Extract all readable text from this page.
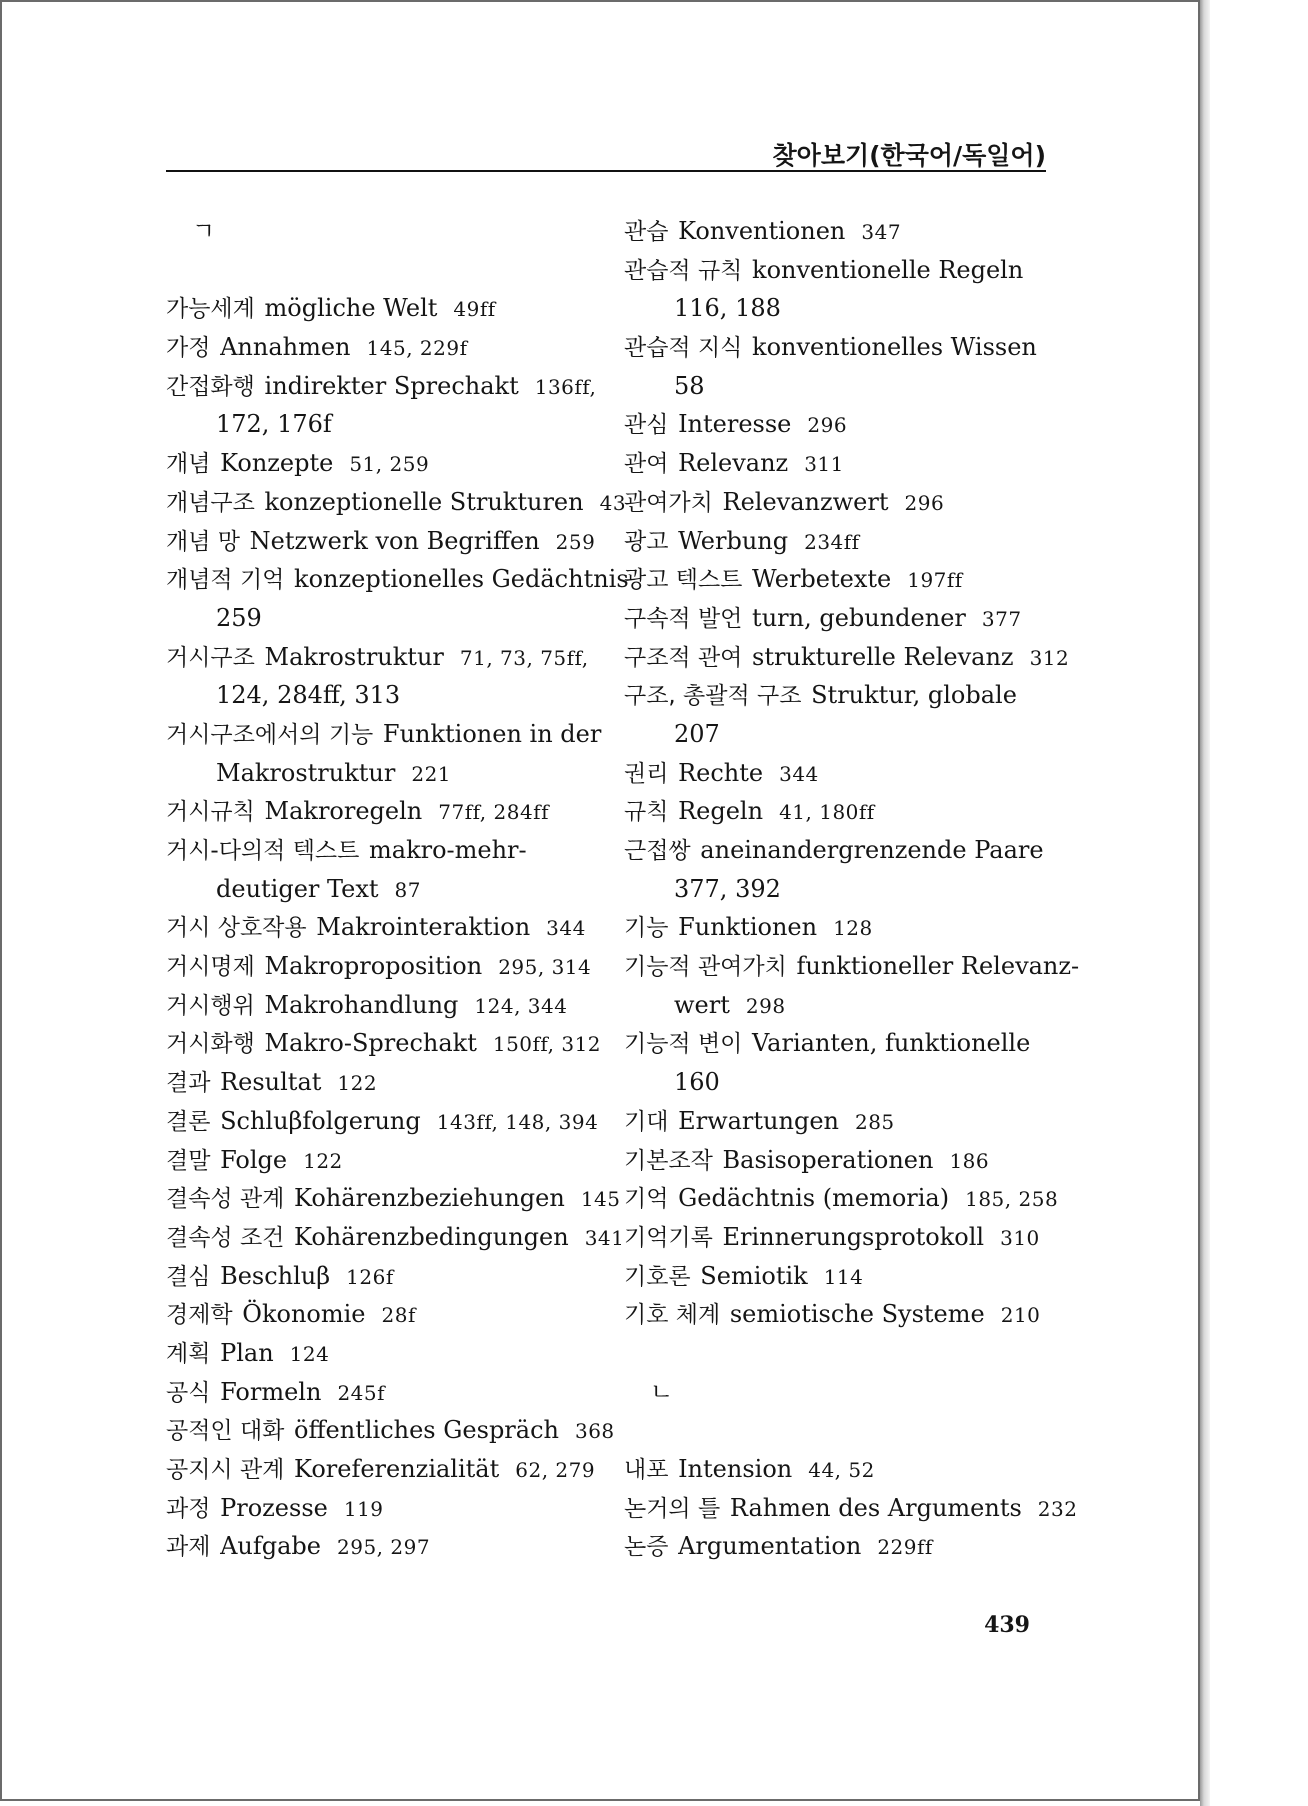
찾아보기(한국어/독일어)
ㄱ
가능세계 mögliche Welt 49ff
가정 Annahmen 145, 229f
간접화행 indirekter Sprechakt 136ff,
172, 176f
개념 Konzepte 51, 259
개념구조 konzeptionelle Strukturen 43
개념 망 Netzwerk von Begriffen 259
개념적 기억 konzeptionelles Gedächtnis
259
거시구조 Makrostruktur 71, 73, 75ff,
124, 284ff, 313
거시구조에서의 기능 Funktionen in der
Makrostruktur 221
거시규칙 Makroregeln 77ff, 284ff
거시-다의적 텍스트 makro-mehr-
deutiger Text 87
거시 상호작용 Makrointeraktion 344
거시명제 Makroproposition 295, 314
거시행위 Makrohandlung 124, 344
거시화행 Makro-Sprechakt 150ff, 312
결과 Resultat 122
결론 Schluβfolgerung 143ff, 148, 394
결말 Folge 122
결속성 관계 Kohärenzbeziehungen 145
결속성 조건 Kohärenzbedingungen 341
결심 Beschluβ 126f
경제학 Ökonomie 28f
계획 Plan 124
공식 Formeln 245f
공적인 대화 öffentliches Gespräch 368
공지시 관계 Koreferenzialität 62, 279
과정 Prozesse 119
과제 Aufgabe 295, 297
관습 Konventionen 347
관습적 규칙 konventionelle Regeln
116, 188
관습적 지식 konventionelles Wissen
58
관심 Interesse 296
관여 Relevanz 311
관여가치 Relevanzwert 296
광고 Werbung 234ff
광고 텍스트 Werbetexte 197ff
구속적 발언 turn, gebundener 377
구조적 관여 strukturelle Relevanz 312
구조, 총괄적 구조 Struktur, globale
207
권리 Rechte 344
규칙 Regeln 41, 180ff
근접쌍 aneinandergrenzende Paare
377, 392
기능 Funktionen 128
기능적 관여가치 funktioneller Relevanz-
wert 298
기능적 변이 Varianten, funktionelle
160
기대 Erwartungen 285
기본조작 Basisoperationen 186
기억 Gedächtnis (memoria) 185, 258
기억기록 Erinnerungsprotokoll 310
기호론 Semiotik 114
기호 체계 semiotische Systeme 210
ㄴ
내포 Intension 44, 52
논거의 틀 Rahmen des Arguments 232
논증 Argumentation 229ff
439
